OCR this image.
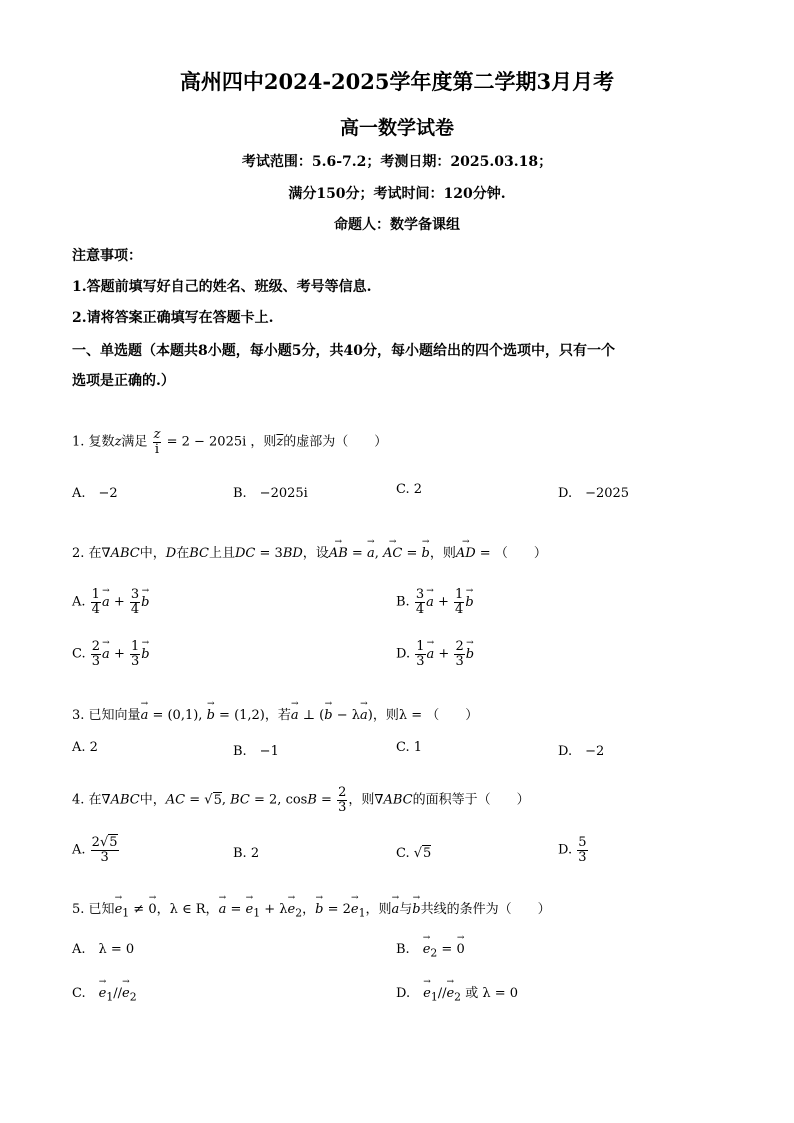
高州四中2024-2025学年度第二学期3月月考
高一数学试卷
考试范围：5.6-7.2；考测日期：2025.03.18；
满分150分；考试时间：120分钟.
命题人：数学备课组
注意事项：
1.答题前填写好自己的姓名、班级、考号等信息.
2.请将答案正确填写在答题卡上.
一、单选题（本题共8小题，每小题5分，共40分，每小题给出的四个选项中，只有一个
选项是正确的.）
1. 复数z满足 $\frac{z}{i} = 2 - 2025i$ ，则$\overline{z}$的虚部为（　　）
A.　−2	B.　−2025i	C. 2	D.　−2025
2. 在∇ABC中，D在BC上且DC = 3BD，设→ AB = → a, → AC = → b，则→ AD = （　　）
A. $\frac{1}{4} \to a + \frac{3}{4} \to b$	B. $\frac{3}{4} \to a + \frac{1}{4} \to b$
C. $\frac{2}{3} \to a + \frac{1}{3} \to b$	D. $\frac{1}{3} \to a + \frac{2}{3} \to b$
3. 已知向量→ a = (0,1), → b = (1,2)，若→ a ⊥ (→ b − λ→ a)，则λ = （　　）
A. 2	B.　−1	C. 1	D.　−2
4. 在∇ABC中，AC = √5, BC = 2, $\cos B = \frac{2}{3}$ ，则∇ABC的面积等于（　　）
A. $\frac{2√5}{3}$	B. 2	C. √5	D. $\frac{5}{3}$
5. 已知→ $e_1$ ≠ → 0，λ ∈ R，→ a = → $e_1 + \lambda\to e_2$，→ $b = 2\to e_1$，则→ a与→ b共线的条件为（　　）
A.　λ = 0	B.　 → $e_2$ = → 0
C.　 → $e_1//\to e_2$	D.　 → $e_1//\to e_2$ 或 λ = 0
